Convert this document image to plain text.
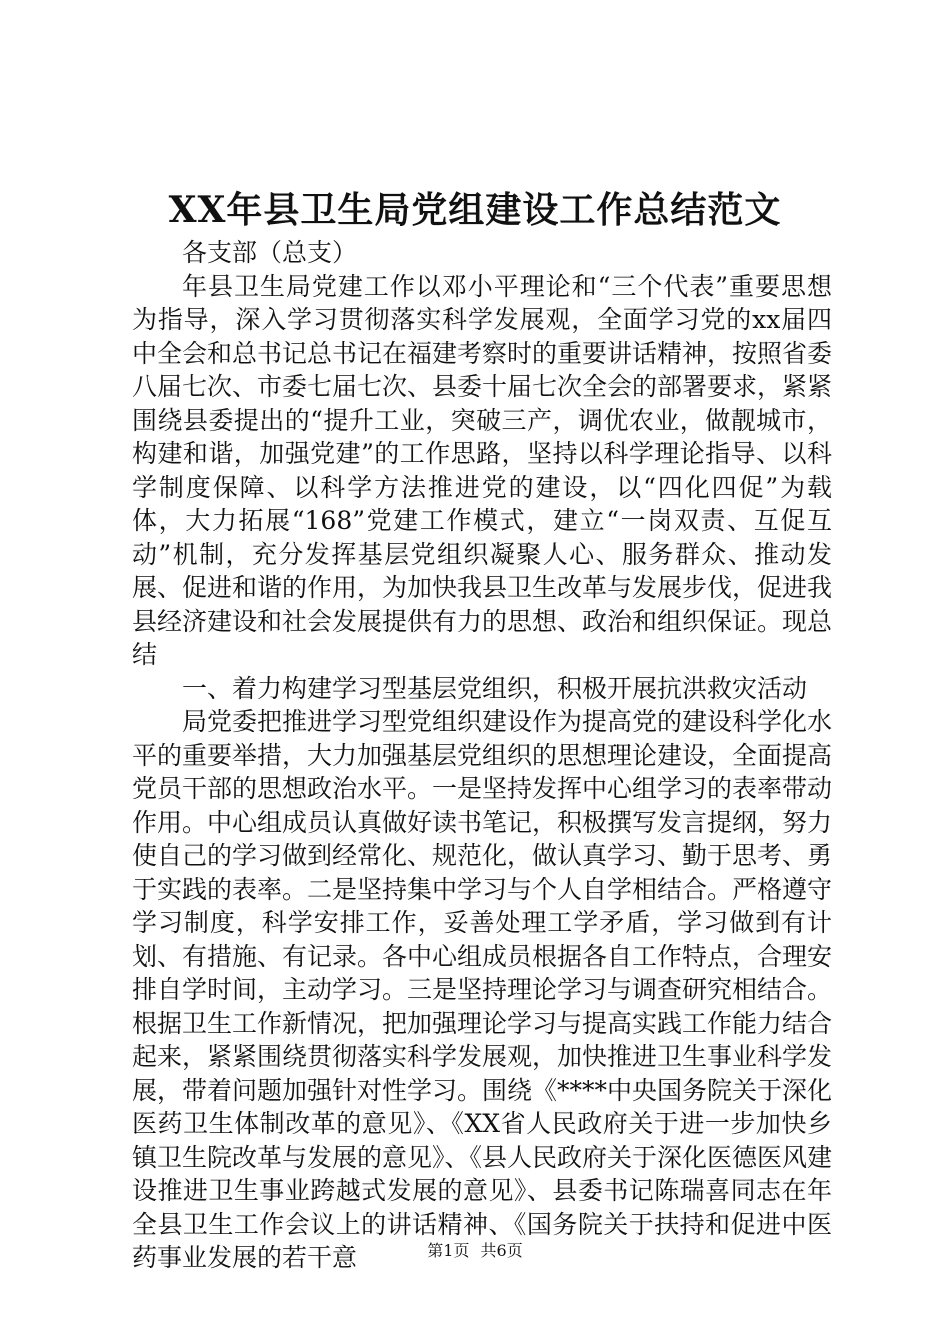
XX年县卫生局党组建设工作总结范文

各支部（总支）

年县卫生局党建工作以邓小平理论和“三个代表”重要思想为指导，深入学习贯彻落实科学发展观，全面学习党的xx届四中全会和总书记总书记在福建考察时的重要讲话精神，按照省委八届七次、市委七届七次、县委十届七次全会的部署要求，紧紧围绕县委提出的“提升工业，突破三产，调优农业，做靓城市，构建和谐，加强党建”的工作思路，坚持以科学理论指导、以科学制度保障、以科学方法推进党的建设，以“四化四促”为载体，大力拓展“168”党建工作模式，建立“一岗双责、互促互动”机制，充分发挥基层党组织凝聚人心、服务群众、推动发展、促进和谐的作用，为加快我县卫生改革与发展步伐，促进我县经济建设和社会发展提供有力的思想、政治和组织保证。现总结

一、着力构建学习型基层党组织，积极开展抗洪救灾活动

局党委把推进学习型党组织建设作为提高党的建设科学化水平的重要举措，大力加强基层党组织的思想理论建设，全面提高党员干部的思想政治水平。一是坚持发挥中心组学习的表率带动作用。中心组成员认真做好读书笔记，积极撰写发言提纲，努力使自己的学习做到经常化、规范化，做认真学习、勤于思考、勇于实践的表率。二是坚持集中学习与个人自学相结合。严格遵守学习制度，科学安排工作，妥善处理工学矛盾，学习做到有计划、有措施、有记录。各中心组成员根据各自工作特点，合理安排自学时间，主动学习。三是坚持理论学习与调查研究相结合。根据卫生工作新情况，把加强理论学习与提高实践工作能力结合起来，紧紧围绕贯彻落实科学发展观，加快推进卫生事业科学发展，带着问题加强针对性学习。围绕《****中央国务院关于深化医药卫生体制改革的意见》、《XX省人民政府关于进一步加快乡镇卫生院改革与发展的意见》、《县人民政府关于深化医德医风建设推进卫生事业跨越式发展的意见》、县委书记陈瑞喜同志在年全县卫生工作会议上的讲话精神、《国务院关于扶持和促进中医药事业发展的若干意	第1页 共6页
